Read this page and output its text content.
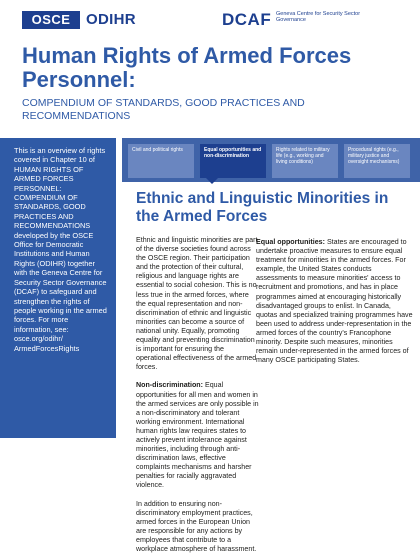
OSCE	ODIHR	DCAF Geneva Centre for Security Sector Governance
Human Rights of Armed Forces Personnel:
COMPENDIUM OF STANDARDS, GOOD PRACTICES AND RECOMMENDATIONS
This is an overview of rights covered in Chapter 10 of HUMAN RIGHTS OF ARMED FORCES PERSONNEL: COMPENDIUM OF STANDARDS, GOOD PRACTICES AND RECOMMENDATIONS developed by the OSCE Office for Democratic Institutions and Human Rights (ODIHR) together with the Geneva Centre for Security Sector Governance (DCAF) to safeguard and strengthen the rights of people working in the armed forces. For more information, see: osce.org/odihr/ ArmedForcesRights
Civil and political rights	Equal opportunities and non-discrimination
Rights related to military life (e.g., working and living conditions)
Procedural rights (e.g., military justice and oversight mechanisms)
Ethnic and Linguistic Minorities in the Armed Forces

Ethnic and linguistic minorities are part of the diverse societies found across the OSCE region. Their participation and the protection of their cultural, religious and language rights are essential to social cohesion. This is no less true in the armed forces, where the equal representation and non-discrimination of ethnic and linguistic minorities can become a source of national unity. Equally, promoting equality and preventing discrimination is important for ensuring the operational effectiveness of the armed forces.

Non-discrimination: Equal opportunities for all men and women in the armed services are only possible in a non-discriminatory and tolerant working environment. International human rights law requires states to actively prevent intolerance against minorities, including through anti-discrimination laws, effective complaints mechanisms and harsher penalties for racially aggravated violence.

In addition to ensuring non-discriminatory employment practices, armed forces in the European Union are responsible for any actions by employees that contribute to a workplace atmosphere of harassment.

Equal opportunities: States are encouraged to undertake proactive measures to ensure equal treatment for minorities in the armed forces. For example, the United States conducts assessments to measure minorities' access to recruitment and promotions, and has in place programmes aimed at encouraging historically disadvantaged groups to enlist. In Canada, quotas and specialized training programmes have been used to address under-representation in the armed forces of the country's Francophone minority. Despite such measures, minorities remain under-represented in the armed forces of many OSCE participating States.
